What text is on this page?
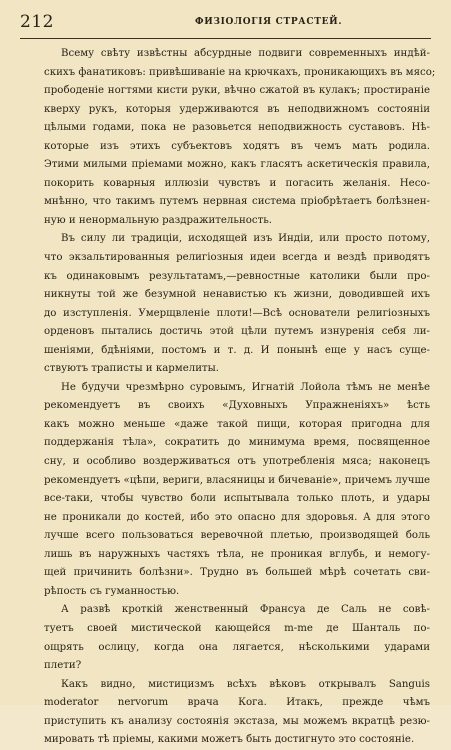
212	ФИЗІОЛОГІЯ СТРАСТЕЙ.

Всему свѣту извѣстны абсурдные подвиги современныхъ индѣй-
скихъ фанатиковъ: привѣшиваніе на крючкахъ, проникающихъ въ мясо;
прободеніе ногтями кисти руки, вѣчно сжатой въ кулакъ; простираніе
кверху рукъ, которыя удерживаются въ неподвижномъ состояніи
цѣлыми годами, пока не разовьется неподвижность суставовъ. Нѣ-
которые изъ этихъ субъектовъ ходятъ въ чемъ мать родила.
Этими милыми пріемами можно, какъ гласятъ аскетическія правила,
покорить коварныя иллюзіи чувствъ и погасить желанія. Несо-
мнѣнно, что такимъ путемъ нервная система пріобрѣтаетъ болѣзнен-
ную и ненормальную раздражительность.

Въ силу ли традиціи, исходящей изъ Индіи, или просто потому,
что экзальтированныя религіозныя идеи всегда и вездѣ приводятъ
къ одинаковымъ результатамъ,—ревностные католики были про-
никнуты той же безумной ненавистью къ жизни, доводившей ихъ
до изступленія. Умерщвленіе плоти!—Всѣ основатели религіозныхъ
орденовъ пытались достичь этой цѣли путемъ изнуренія себя ли-
шеніями, бдѣніями, постомъ и т. д. И понынѣ еще у насъ суще-
ствуютъ траписты и кармелиты.

Не будучи чрезмѣрно суровымъ, Игнатій Лойола тѣмъ не менѣе
рекомендуетъ въ своихъ «Духовныхъ Упражненіяхъ» ѣсть
какъ можно меньше «даже такой пищи, которая пригодна для
поддержанія тѣла», сократить до минимума время, посвященное
сну, и особливо воздерживаться отъ употребленія мяса; наконецъ
рекомендуетъ «цѣпи, вериги, власяницы и бичеваніе», причемъ лучше
все-таки, чтобы чувство боли испытывала только плоть, и удары
не проникали до костей, ибо это опасно для здоровья. А для этого
лучше всего пользоваться веревочной плетью, производящей боль
лишь въ наружныхъ частяхъ тѣла, не проникая вглубь, и немогу-
щей причинить болѣзни». Трудно въ большей мѣрѣ сочетать сви-
рѣпость съ гуманностью.

А развѣ кроткій женственный Франсуа де Саль не совѣ-
туетъ своей мистической кающейся m-me де Шанталь по-
ощрять ослицу, когда она лягается, нѣсколькими ударами
плети?

Какъ видно, мистицизмъ всѣхъ вѣковъ открывалъ Sanguis
moderator nervorum врача Кога. Итакъ, прежде чѣмъ
приступить къ анализу состоянія экстаза, мы можемъ вкратцѣ резю-
мировать тѣ пріемы, какими можетъ быть достигнуто это состояніе.
